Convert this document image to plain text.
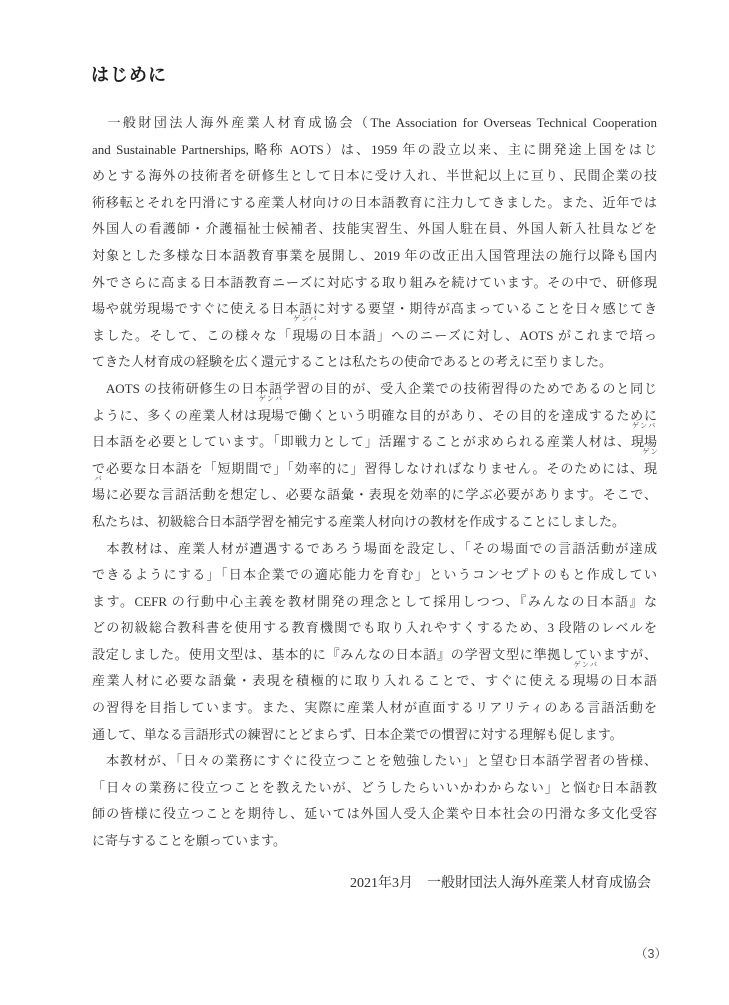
はじめに
　一般財団法人海外産業人材育成協会（The Association for Overseas Technical Cooperation
and Sustainable Partnerships, 略称 AOTS）は、1959 年の設立以来、主に開発途上国をはじ
めとする海外の技術者を研修生として日本に受け入れ、半世紀以上に亘り、民間企業の技
術移転とそれを円滑にする産業人材向けの日本語教育に注力してきました。また、近年では
外国人の看護師・介護福祉士候補者、技能実習生、外国人駐在員、外国人新入社員などを
対象とした多様な日本語教育事業を展開し、2019 年の改正出入国管理法の施行以降も国内
外でさらに高まる日本語教育ニーズに対応する取り組みを続けています。その中で、研修現
場や就労現場ですぐに使える日本語に対する要望・期待が高まっていることを日々感じてき
ました。そして、この様々な「
ゲンバ
現場の日本語」へのニーズに対し、AOTS がこれまで培っ
てきた人材育成の経験を広く還元することは私たちの使命であるとの考えに至りました。
　AOTS の技術研修生の日本語学習の目的が、受入企業での技術習得のためであるのと同じ
ように、多くの産業人材は
ゲンバ
現場で働くという明確な目的があり、その目的を達成するために
日本語を必要としています。「即戦力として」活躍することが求められる産業人材は、
ゲンバ
現場
で必要な日本語を「短期間で」「効率的に」習得しなければなりません。そのためには、
ゲン
現
バ
場に必要な言語活動を想定し、必要な語彙・表現を効率的に学ぶ必要があります。そこで、
私たちは、初級総合日本語学習を補完する産業人材向けの教材を作成することにしました。
　本教材は、産業人材が遭遇するであろう場面を設定し、「その場面での言語活動が達成
できるようにする」「日本企業での適応能力を育む」というコンセプトのもと作成してい
ます。CEFR の行動中心主義を教材開発の理念として採用しつつ、『みんなの日本語』な
どの初級総合教科書を使用する教育機関でも取り入れやすくするため、3 段階のレベルを
設定しました。使用文型は、基本的に『みんなの日本語』の学習文型に準拠していますが、
産業人材に必要な語彙・表現を積極的に取り入れることで、すぐに使える
ゲンバ
現場の日本語
の習得を目指しています。また、実際に産業人材が直面するリアリティのある言語活動を
通して、単なる言語形式の練習にとどまらず、日本企業での慣習に対する理解も促します。
　本教材が、「日々の業務にすぐに役立つことを勉強したい」と望む日本語学習者の皆様、
「日々の業務に役立つことを教えたいが、どうしたらいいかわからない」と悩む日本語教
師の皆様に役立つことを期待し、延いては外国人受入企業や日本社会の円滑な多文化受容
に寄与することを願っています。
2021年3月　一般財団法人海外産業人材育成協会
（3）
